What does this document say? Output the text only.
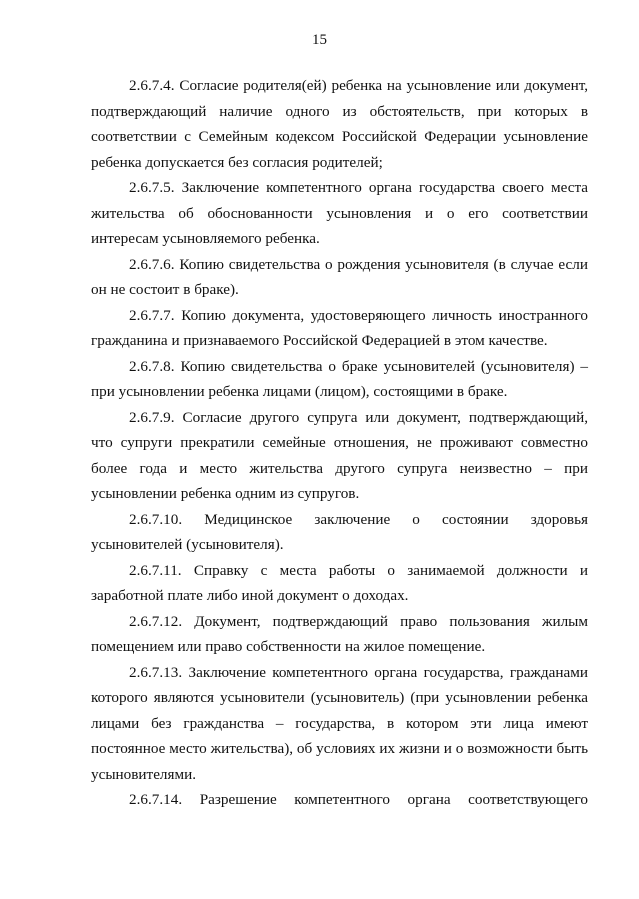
15

2.6.7.4. Согласие родителя(ей) ребенка на усыновление или документ, подтверждающий наличие одного из обстоятельств, при которых в соответствии с Семейным кодексом Российской Федерации усыновление ребенка допускается без согласия родителей;

2.6.7.5. Заключение компетентного органа государства своего места жительства об обоснованности усыновления и о его соответствии интересам усыновляемого ребенка.

2.6.7.6. Копию свидетельства о рождения усыновителя (в случае если он не состоит в браке).

2.6.7.7. Копию документа, удостоверяющего личность иностранного гражданина и признаваемого Российской Федерацией в этом качестве.

2.6.7.8. Копию свидетельства о браке усыновителей (усыновителя) – при усыновлении ребенка лицами (лицом), состоящими в браке.

2.6.7.9. Согласие другого супруга или документ, подтверждающий, что супруги прекратили семейные отношения, не проживают совместно более года и место жительства другого супруга неизвестно – при усыновлении ребенка одним из супругов.

2.6.7.10. Медицинское заключение о состоянии здоровья усыновителей (усыновителя).

2.6.7.11. Справку с места работы о занимаемой должности и заработной плате либо иной документ о доходах.

2.6.7.12. Документ, подтверждающий право пользования жилым помещением или право собственности на жилое помещение.

2.6.7.13. Заключение компетентного органа государства, гражданами которого являются усыновители (усыновитель) (при усыновлении ребенка лицами без гражданства – государства, в котором эти лица имеют постоянное место жительства), об условиях их жизни и о возможности быть усыновителями.

2.6.7.14. Разрешение компетентного органа соответствующего
